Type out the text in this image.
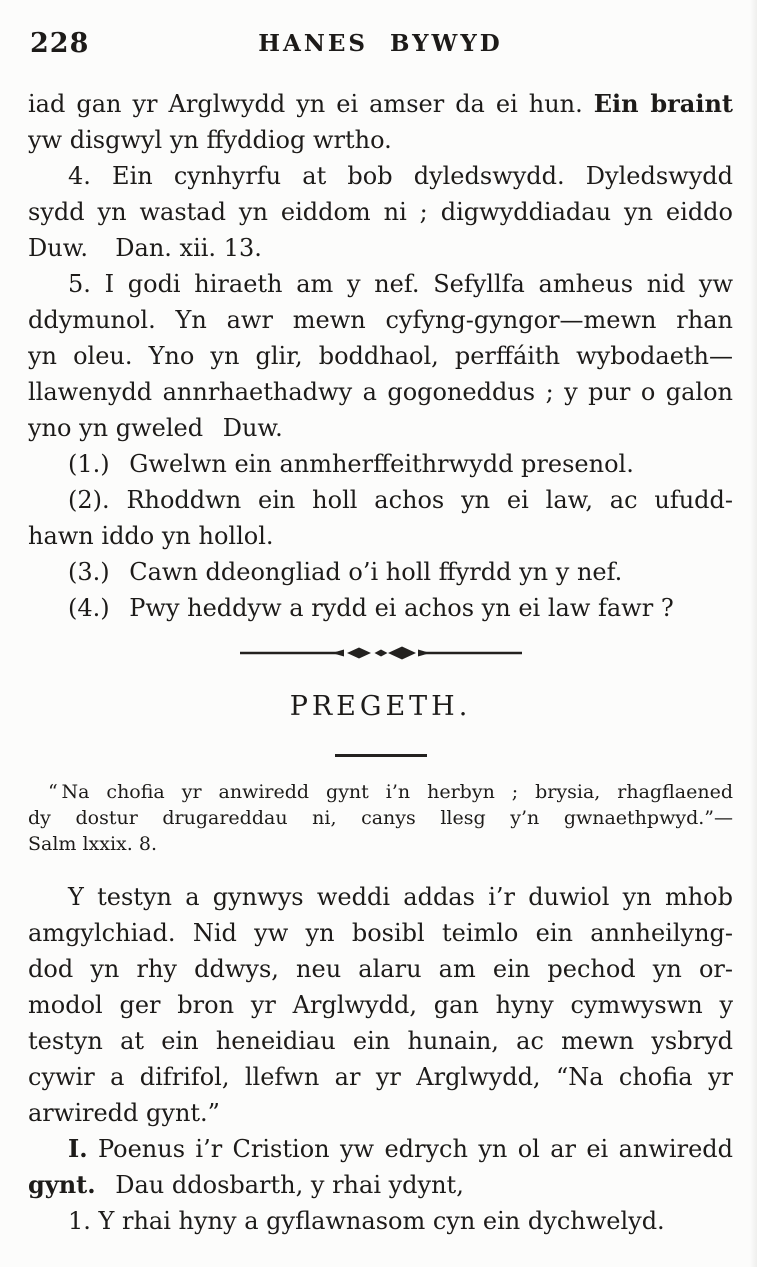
228	HANES BYWYD
iad gan yr Arglwydd yn ei amser da ei hun. Ein braint
yw disgwyl yn ffyddiog wrtho.
4. Ein cynhyrfu at bob dyledswydd. Dyledswydd
sydd yn wastad yn eiddom ni ; digwyddiadau yn eiddo
Duw.   Dan. xii. 13.
5. I godi hiraeth am y nef. Sefyllfa amheus nid yw
ddymunol. Yn awr mewn cyfyng-gyngor—mewn rhan
yn oleu. Yno yn glir, boddhaol, perffáith wybodaeth—
llawenydd annrhaethadwy a gogoneddus ; y pur o galon
yno yn gweled  Duw.
(1.)  Gwelwn ein anmherffeithrwydd presenol.
(2). Rhoddwn ein holl achos yn ei law, ac ufudd-
hawn iddo yn hollol.
(3.)  Cawn ddeongliad o’i holl ffyrdd yn y nef.
(4.)  Pwy heddyw a rydd ei achos yn ei law fawr ?
PREGETH.
“ Na chofia yr anwiredd gynt i’n herbyn ; brysia, rhagflaened
dy dostur drugareddau ni, canys llesg y’n gwnaethpwyd.”—
Salm lxxix. 8.
Y testyn a gynwys weddi addas i’r duwiol yn mhob
amgylchiad. Nid yw yn bosibl teimlo ein annheilyng-
dod yn rhy ddwys, neu alaru am ein pechod yn or-
modol ger bron yr Arglwydd, gan hyny cymwyswn y
testyn at ein heneidiau ein hunain, ac mewn ysbryd
cywir a difrifol, llefwn ar yr Arglwydd, “Na chofia yr
arwiredd gynt.”
I. Poenus i’r Cristion yw edrych yn ol ar ei anwiredd
gynt.  Dau ddosbarth, y rhai ydynt,
1. Y rhai hyny a gyflawnasom cyn ein dychwelyd.
